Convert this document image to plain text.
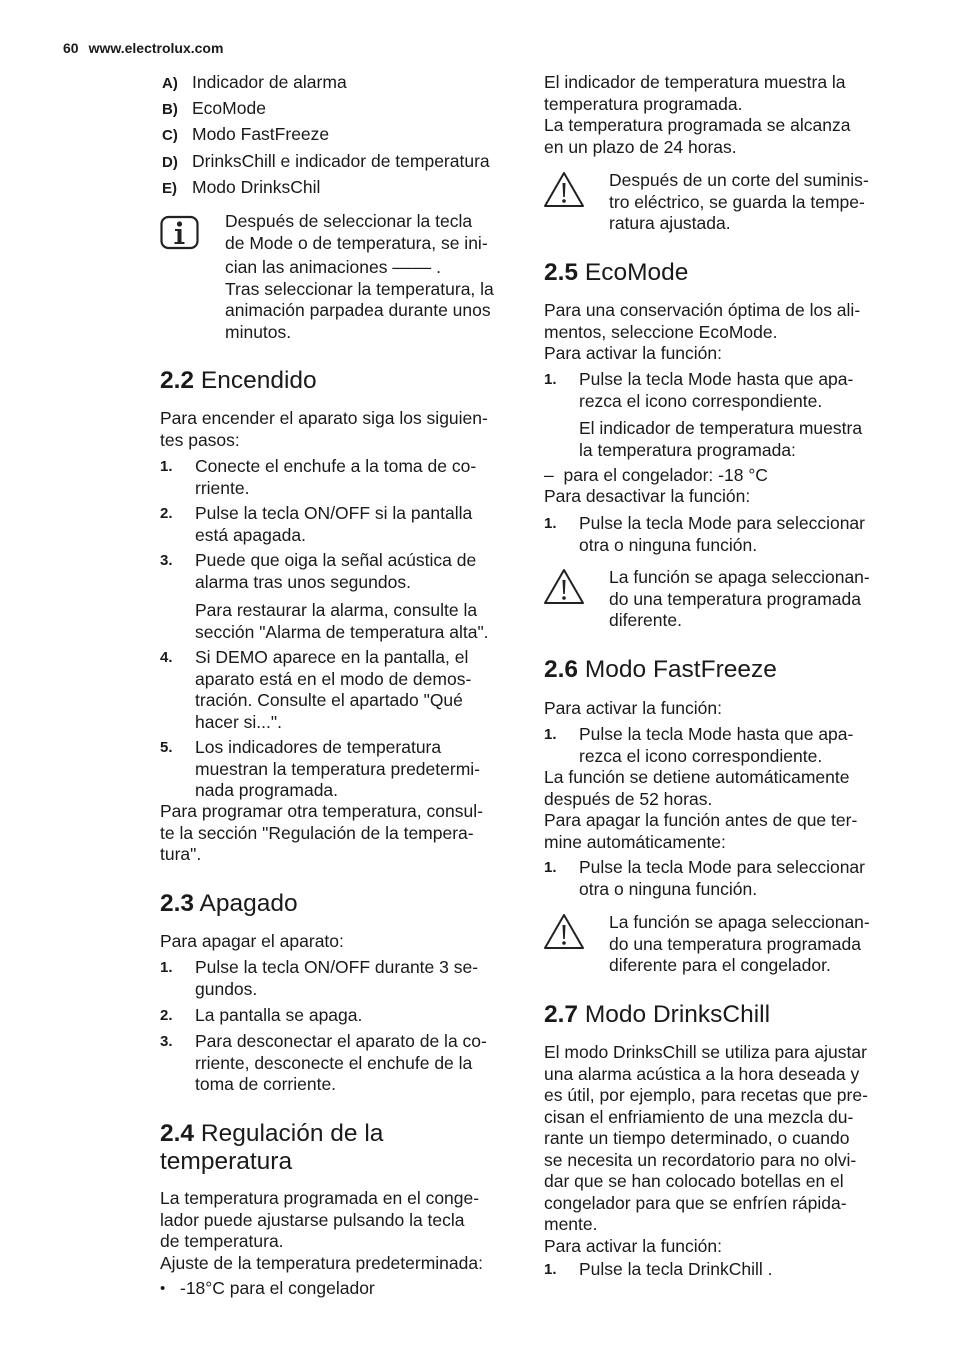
60 www.electrolux.com
A) Indicador de alarma
B) EcoMode
C) Modo FastFreeze
D) DrinksChill e indicador de temperatura
E) Modo DrinksChil
Después de seleccionar la tecla
de Mode o de temperatura, se ini-
cian las animaciones ‒‒‒‒ .
Tras seleccionar la temperatura, la
animación parpadea durante unos
minutos.
2.2 Encendido
Para encender el aparato siga los siguien-
tes pasos:
1. Conecte el enchufe a la toma de co-
rriente.
2. Pulse la tecla ON/OFF si la pantalla
está apagada.
3. Puede que oiga la señal acústica de
alarma tras unos segundos.
Para restaurar la alarma, consulte la
sección "Alarma de temperatura alta".
4. Si DEMO aparece en la pantalla, el
aparato está en el modo de demos-
tración. Consulte el apartado "Qué
hacer si...".
5. Los indicadores de temperatura
muestran la temperatura predetermi-
nada programada.
Para programar otra temperatura, consul-
te la sección "Regulación de la tempera-
tura".
2.3 Apagado
Para apagar el aparato:
1. Pulse la tecla ON/OFF durante 3 se-
gundos.
2. La pantalla se apaga.
3. Para desconectar el aparato de la co-
rriente, desconecte el enchufe de la
toma de corriente.
2.4 Regulación de la
temperatura
La temperatura programada en el conge-
lador puede ajustarse pulsando la tecla
de temperatura.
Ajuste de la temperatura predeterminada:
• -18°C para el congelador
El indicador de temperatura muestra la
temperatura programada.
La temperatura programada se alcanza
en un plazo de 24 horas.
Después de un corte del suminis-
tro eléctrico, se guarda la tempe-
ratura ajustada.
2.5 EcoMode
Para una conservación óptima de los ali-
mentos, seleccione EcoMode.
Para activar la función:
1. Pulse la tecla Mode hasta que apa-
rezca el icono correspondiente.
El indicador de temperatura muestra
la temperatura programada:
–  para el congelador: -18 °C
Para desactivar la función:
1. Pulse la tecla Mode para seleccionar
otra o ninguna función.
La función se apaga seleccionan-
do una temperatura programada
diferente.
2.6 Modo FastFreeze
Para activar la función:
1. Pulse la tecla Mode hasta que apa-
rezca el icono correspondiente.
La función se detiene automáticamente
después de 52 horas.
Para apagar la función antes de que ter-
mine automáticamente:
1. Pulse la tecla Mode para seleccionar
otra o ninguna función.
La función se apaga seleccionan-
do una temperatura programada
diferente para el congelador.
2.7 Modo DrinksChill
El modo DrinksChill se utiliza para ajustar
una alarma acústica a la hora deseada y
es útil, por ejemplo, para recetas que pre-
cisan el enfriamiento de una mezcla du-
rante un tiempo determinado, o cuando
se necesita un recordatorio para no olvi-
dar que se han colocado botellas en el
congelador para que se enfríen rápida-
mente.
Para activar la función:
1. Pulse la tecla DrinkChill .
